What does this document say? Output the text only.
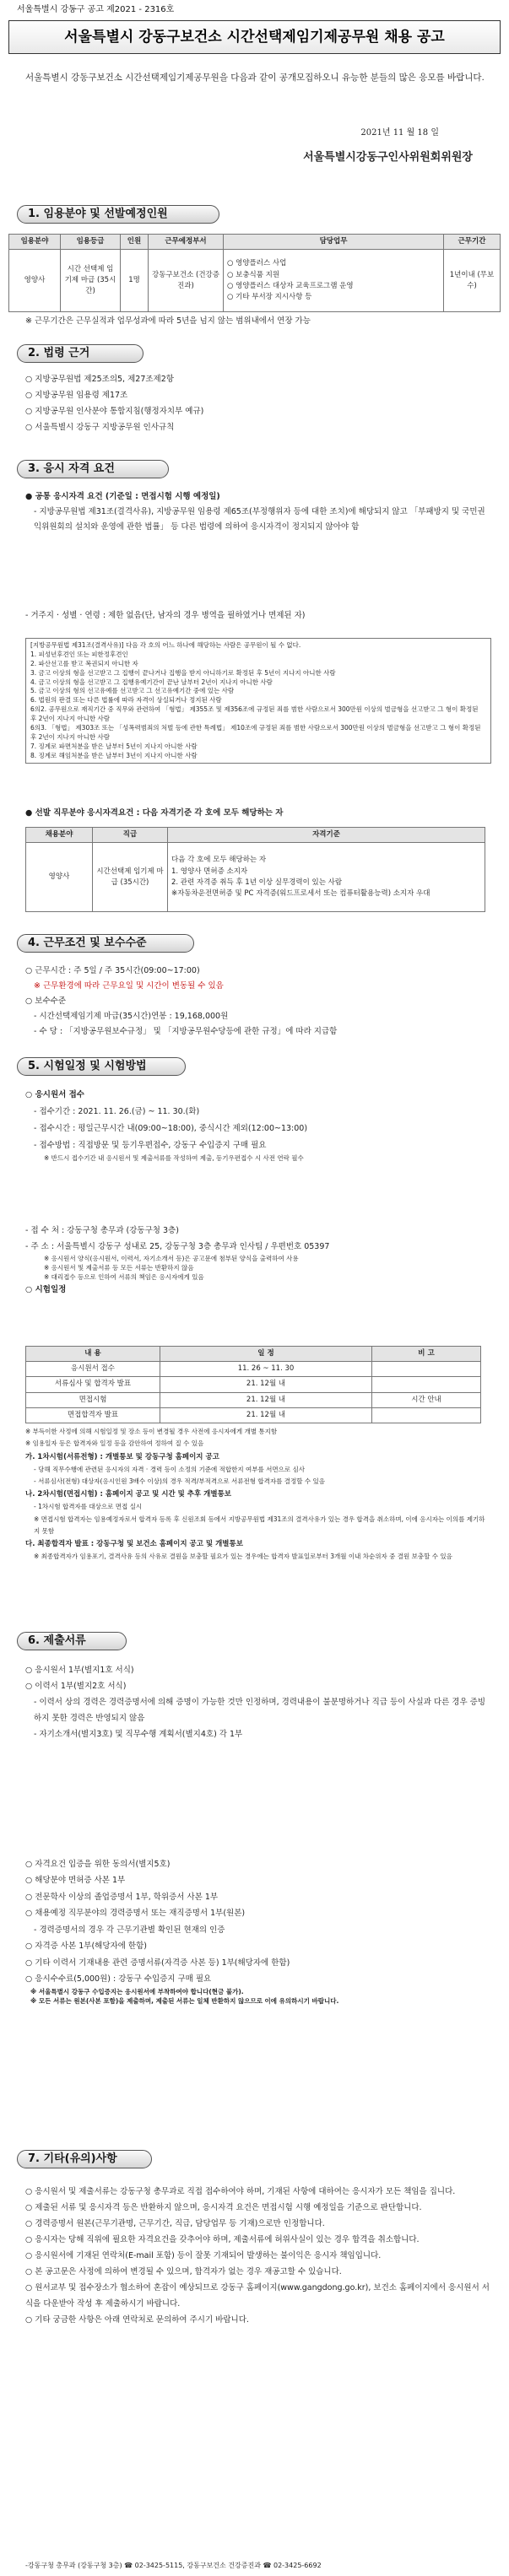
서울특별시 강동구 공고 제2021 - 2316호
서울특별시 강동구보건소 시간선택제임기제공무원 채용 공고
서울특별시 강동구보건소 시간선택제임기제공무원을 다음과 같이 공개모집하오니 유능한 분들의 많은 응모를 바랍니다.
2021년 11 월 18 일
서울특별시강동구인사위원회위원장
1. 임용분야 및 선발예정인원
임용분야	임용등급	인원	근무예정부서	담당업무	근무기간
영양사	시간 선택제 임기제 마급 (35시간)	1명	강동구보건소 (건강증진과)	○ 영양플러스 사업
○ 보충식품 지원
○ 영양플러스 대상자 교육프로그램 운영
○ 기타 부서장 지시사항 등	1년이내 (무보수)
※ 근무기간은 근무실적과 업무성과에 따라 5년을 넘지 않는 범위내에서 연장 가능
2. 법령 근거
○ 지방공무원법 제25조의5, 제27조제2항
○ 지방공무원 임용령 제17조
○ 지방공무원 인사분야 통합지침(행정자치부 예규)
○ 서울특별시 강동구 지방공무원 인사규칙
3. 응시 자격 요건
● 공통 응시자격 요건 (기준일 : 면접시험 시행 예정일)
- 지방공무원법 제31조(결격사유), 지방공무원 임용령 제65조(부정행위자 등에 대한 조치)에 해당되지 않고 「부패방지 및 국민권익위원회의 설치와 운영에 관한 법률」 등 다른 법령에 의하여 응시자격이 정지되지 않아야 함
- 거주지 · 성별 · 연령 : 제한 없음(단, 남자의 경우 병역을 필하였거나 면제된 자)
[지방공무원법 제31조(결격사유)] 다음 각 호의 어느 하나에 해당하는 사람은 공무원이 될 수 없다.
1. 피성년후견인 또는 피한정후견인
2. 파산선고를 받고 복권되지 아니한 자
3. 금고 이상의 형을 선고받고 그 집행이 끝나거나 집행을 받지 아니하기로 확정된 후 5년이 지나지 아니한 사람
4. 금고 이상의 형을 선고받고 그 집행유예기간이 끝난 날부터 2년이 지나지 아니한 사람
5. 금고 이상의 형의 선고유예를 선고받고 그 선고유예기간 중에 있는 사람
6. 법원의 판결 또는 다른 법률에 따라 자격이 상실되거나 정지된 사람
6의2. 공무원으로 재직기간 중 직무와 관련하여 「형법」 제355조 및 제356조에 규정된 죄를 범한 사람으로서 300만원 이상의 벌금형을 선고받고 그 형이 확정된 후 2년이 지나지 아니한 사람
6의3. 「형법」 제303조 또는 「성폭력범죄의 처벌 등에 관한 특례법」 제10조에 규정된 죄를 범한 사람으로서 300만원 이상의 벌금형을 선고받고 그 형이 확정된 후 2년이 지나지 아니한 사람
7. 징계로 파면처분을 받은 날부터 5년이 지나지 아니한 사람
8. 징계로 해임처분을 받은 날부터 3년이 지나지 아니한 사람
● 선발 직무분야 응시자격요건 : 다음 자격기준 각 호에 모두 해당하는 자
채용분야	직급	자격기준
영양사	시간선택제 임기제 마급 (35시간)	다음 각 호에 모두 해당하는 자
1. 영양사 면허증 소지자
2. 관련 자격증 취득 후 1년 이상 실무경력이 있는 사람
※자동차운전면허증 및 PC 자격증(워드프로세서 또는 컴퓨터활용능력) 소지자 우대
4. 근무조건 및 보수수준
○ 근무시간 : 주 5일 / 주 35시간(09:00~17:00)
※ 근무환경에 따라 근무요일 및 시간이 변동될 수 있음
○ 보수수준
- 시간선택제임기제 마급(35시간)연봉 : 19,168,000원
- 수 당 : 「지방공무원보수규정」 및 「지방공무원수당등에 관한 규정」에 따라 지급함
5. 시험일정 및 시험방법
○ 응시원서 접수
- 접수기간 : 2021. 11. 26.(금) ~ 11. 30.(화)
- 접수시간 : 평일근무시간 내(09:00~18:00), 중식시간 제외(12:00~13:00)
- 접수방법 : 직접방문 및 등기우편접수, 강동구 수입증지 구매 필요
※ 반드시 접수기간 내 응시원서 및 제출서류를 작성하여 제출, 등기우편접수 시 사전 연락 필수
- 접 수 처 : 강동구청 총무과 (강동구청 3층)
- 주 소 : 서울특별시 강동구 성내로 25, 강동구청 3층 총무과 인사팀 / 우편번호 05397
※ 응시원서 양식(응시원서, 이력서, 자기소개서 등)은 공고문에 첨부된 양식을 출력하여 사용
※ 응시원서 및 제출서류 등 모든 서류는 반환하지 않음
※ 대리접수 등으로 인하여 서류의 책임은 응시자에게 있음
○ 시험일정
내 용	일 정	비 고
응시원서 접수	11. 26 ~ 11. 30	
서류심사 및 합격자 발표	21. 12월 내	
면접시험	21. 12월 내	시간 안내
면접합격자 발표	21. 12월 내	
※ 부득이한 사정에 의해 시험일정 및 장소 등이 변경될 경우 사전에 응시자에게 개별 통지함
※ 임용일자 등은 합격자와 일정 등을 감안하여 정하여 질 수 있음
가. 1차시험(서류전형) : 개별통보 및 강동구청 홈페이지 공고
- 당해 직무수행에 관련된 응시자의 자격 · 경력 등이 소정의 기준에 적합한지 여부를 서면으로 심사
- 서류심사(전형) 대상자(응시인원 3배수 이상)의 경우 적격/부적격으로 서류전형 합격자를 결정할 수 있음
나. 2차시험(면접시험) : 홈페이지 공고 및 시간 및 추후 개별통보
- 1차시험 합격자를 대상으로 면접 실시
※ 면접시험 합격자는 임용예정자로서 합격자 등록 후 신원조회 등에서 지방공무원법 제31조의 결격사유가 있는 경우 합격을 취소하며, 이에 응시자는 이의를 제기하지 못함
다. 최종합격자 발표 : 강동구청 및 보건소 홈페이지 공고 및 개별통보
※ 최종합격자가 임용포기, 결격사유 등의 사유로 결원을 보충할 필요가 있는 경우에는 합격자 발표일로부터 3개월 이내 차순위자 중 결원 보충할 수 있음
6. 제출서류
○ 응시원서 1부(별지1호 서식)
○ 이력서 1부(별지2호 서식)
- 이력서 상의 경력은 경력증명서에 의해 증명이 가능한 것만 인정하며, 경력내용이 불분명하거나 직급 등이 사실과 다른 경우 증빙하지 못한 경력은 반영되지 않음
- 자기소개서(별지3호) 및 직무수행 계획서(별지4호) 각 1부
○ 자격요건 입증을 위한 동의서(별지5호)
○ 해당분야 면허증 사본 1부
○ 전문학사 이상의 졸업증명서 1부, 학위증서 사본 1부
○ 채용예정 직무분야의 경력증명서 또는 재직증명서 1부(원본)
- 경력증명서의 경우 각 근무기관별 확인된 현재의 인증
○ 자격증 사본 1부(해당자에 한함)
○ 기타 이력서 기재내용 관련 증명서류(자격증 사본 등) 1부(해당자에 한함)
○ 응시수수료(5,000원) : 강동구 수입증지 구매 필요
※ 서울특별시 강동구 수입증지는 응시원서에 부착하여야 합니다(현금 불가).
※ 모든 서류는 원본(사본 포함)을 제출하며, 제출된 서류는 일체 반환하지 않으므로 이에 유의하시기 바랍니다.
7. 기타(유의)사항
○ 응시원서 및 제출서류는 강동구청 총무과로 직접 접수하여야 하며, 기재된 사항에 대하여는 응시자가 모든 책임을 집니다.
○ 제출된 서류 및 응시자격 등은 반환하지 않으며, 응시자격 요건은 면접시험 시행 예정일을 기준으로 판단합니다.
○ 경력증명서 원본(근무기관명, 근무기간, 직급, 담당업무 등 기재)으로만 인정합니다.
○ 응시자는 당해 직위에 필요한 자격요건을 갖추어야 하며, 제출서류에 허위사실이 있는 경우 합격을 취소합니다.
○ 응시원서에 기재된 연락처(E-mail 포함) 등이 잘못 기재되어 발생하는 불이익은 응시자 책임입니다.
○ 본 공고문은 사정에 의하여 변경될 수 있으며, 합격자가 없는 경우 재공고할 수 있습니다.
○ 원서교부 및 접수장소가 협소하여 혼잡이 예상되므로 강동구 홈페이지(www.gangdong.go.kr), 보건소 홈페이지에서 응시원서 서식을 다운받아 작성 후 제출하시기 바랍니다.
○ 기타 궁금한 사항은 아래 연락처로 문의하여 주시기 바랍니다.
-강동구청 총무과 (강동구청 3층) ☎ 02-3425-5115, 강동구보건소 건강증진과 ☎ 02-3425-6692
